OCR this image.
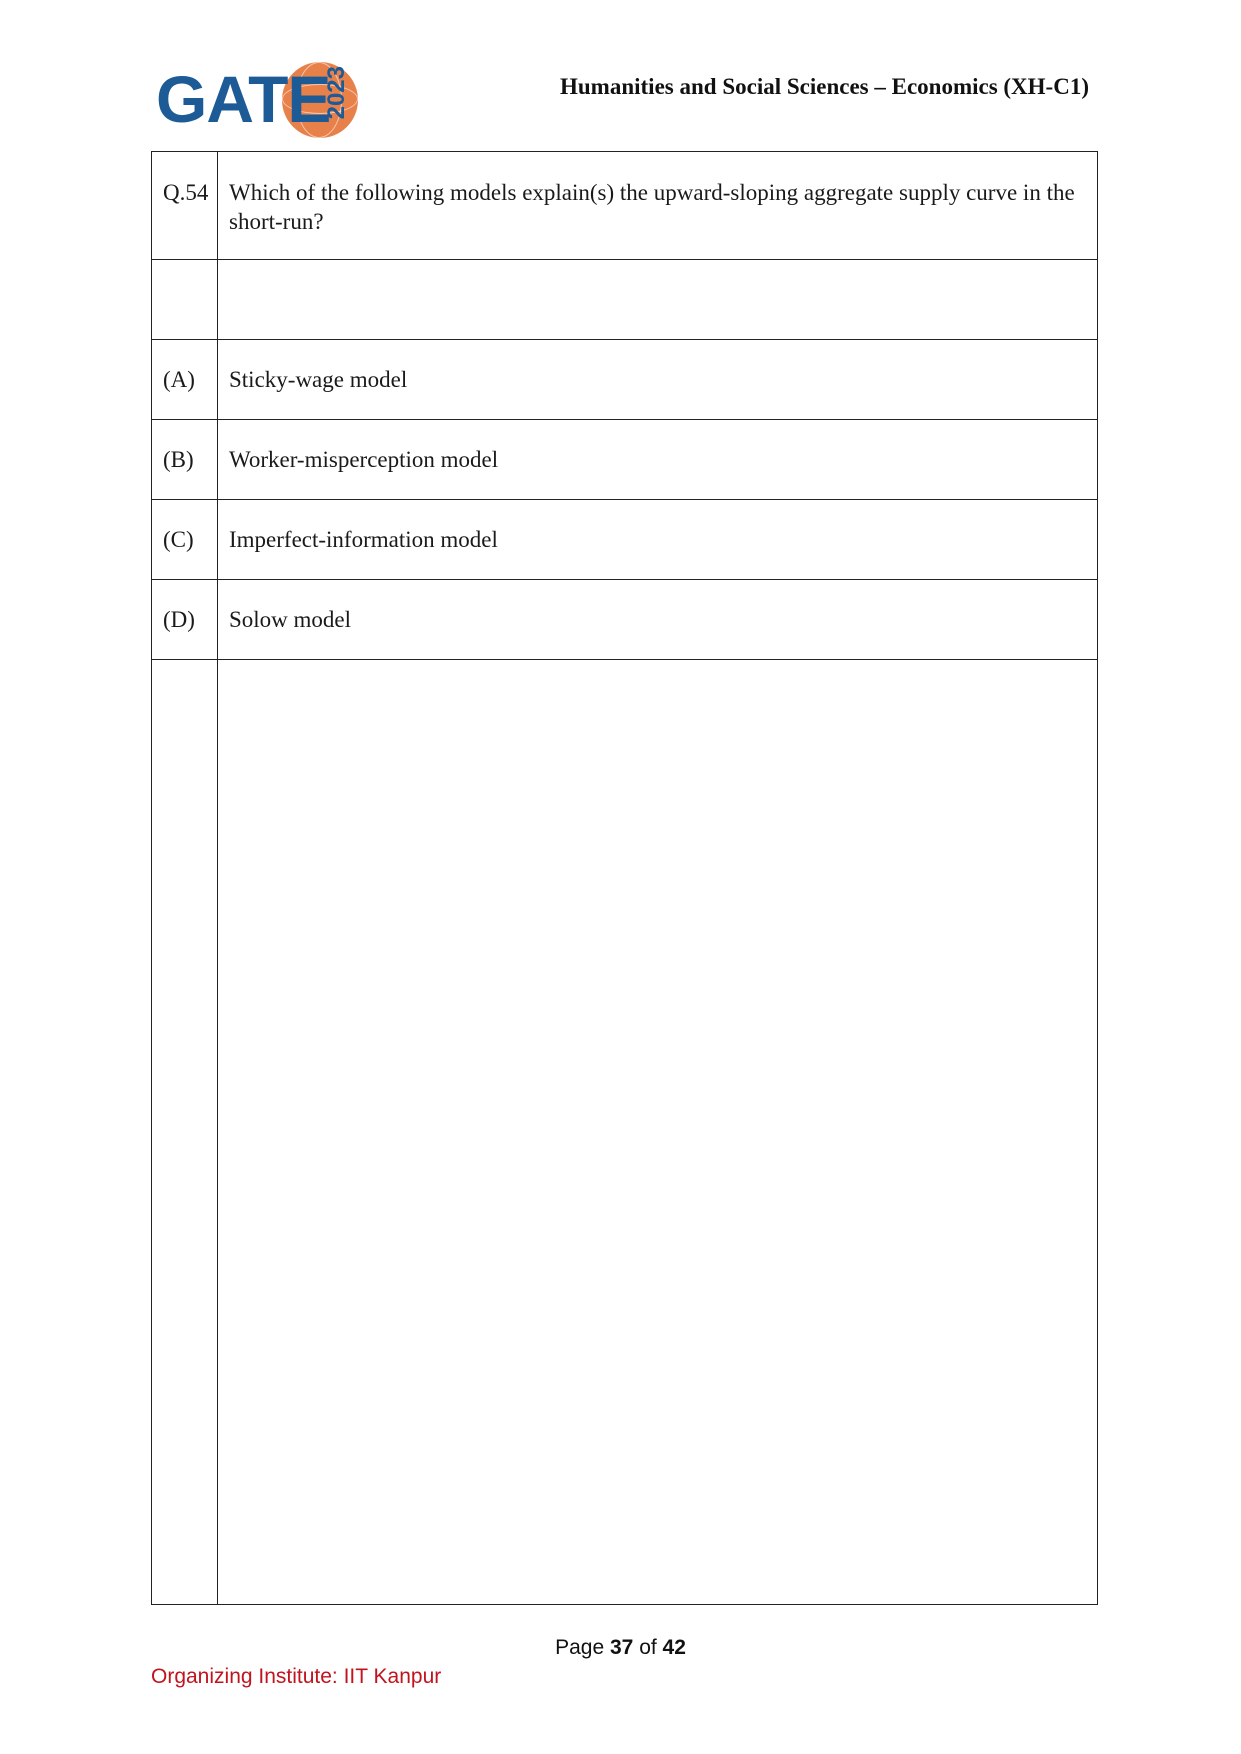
GATE
2023	Humanities and Social Sciences – Economics (XH-C1)
Q.54	Which of the following models explain(s) the upward-sloping aggregate supply curve in the short-run?

(A)	Sticky-wage model
(B)	Worker-misperception model
(C)	Imperfect-information model
(D)	Solow model

Page 37 of 42
Organizing Institute: IIT Kanpur
